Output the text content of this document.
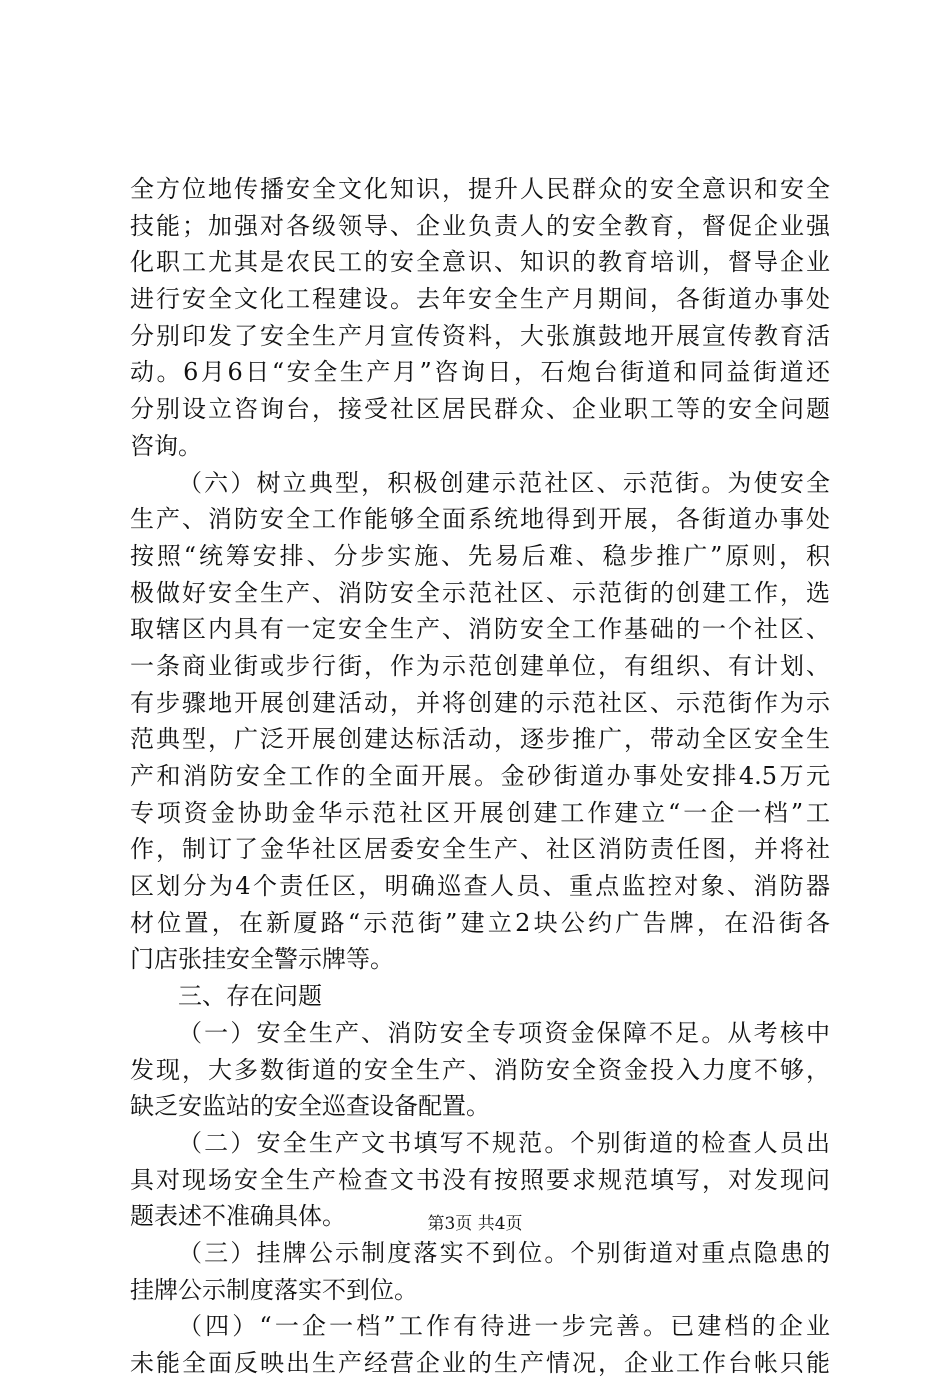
全方位地传播安全文化知识，提升人民群众的安全意识和安全
技能；加强对各级领导、企业负责人的安全教育，督促企业强
化职工尤其是农民工的安全意识、知识的教育培训，督导企业
进行安全文化工程建设。去年安全生产月期间，各街道办事处
分别印发了安全生产月宣传资料，大张旗鼓地开展宣传教育活
动。6月6日“安全生产月”咨询日，石炮台街道和同益街道还
分别设立咨询台，接受社区居民群众、企业职工等的安全问题
咨询。
（六）树立典型，积极创建示范社区、示范街。为使安全
生产、消防安全工作能够全面系统地得到开展，各街道办事处
按照“统筹安排、分步实施、先易后难、稳步推广”原则，积
极做好安全生产、消防安全示范社区、示范街的创建工作，选
取辖区内具有一定安全生产、消防安全工作基础的一个社区、
一条商业街或步行街，作为示范创建单位，有组织、有计划、
有步骤地开展创建活动，并将创建的示范社区、示范街作为示
范典型，广泛开展创建达标活动，逐步推广，带动全区安全生
产和消防安全工作的全面开展。金砂街道办事处安排4.5万元
专项资金协助金华示范社区开展创建工作建立“一企一档”工
作，制订了金华社区居委安全生产、社区消防责任图，并将社
区划分为4个责任区，明确巡查人员、重点监控对象、消防器
材位置，在新厦路“示范街”建立2块公约广告牌，在沿街各
门店张挂安全警示牌等。
三、存在问题
（一）安全生产、消防安全专项资金保障不足。从考核中
发现，大多数街道的安全生产、消防安全资金投入力度不够，
缺乏安监站的安全巡查设备配置。
（二）安全生产文书填写不规范。个别街道的检查人员出
具对现场安全生产检查文书没有按照要求规范填写，对发现问
题表述不准确具体。
（三）挂牌公示制度落实不到位。个别街道对重点隐患的
挂牌公示制度落实不到位。
（四）“一企一档”工作有待进一步完善。已建档的企业
未能全面反映出生产经营企业的生产情况，企业工作台帐只能
第3页 共4页
